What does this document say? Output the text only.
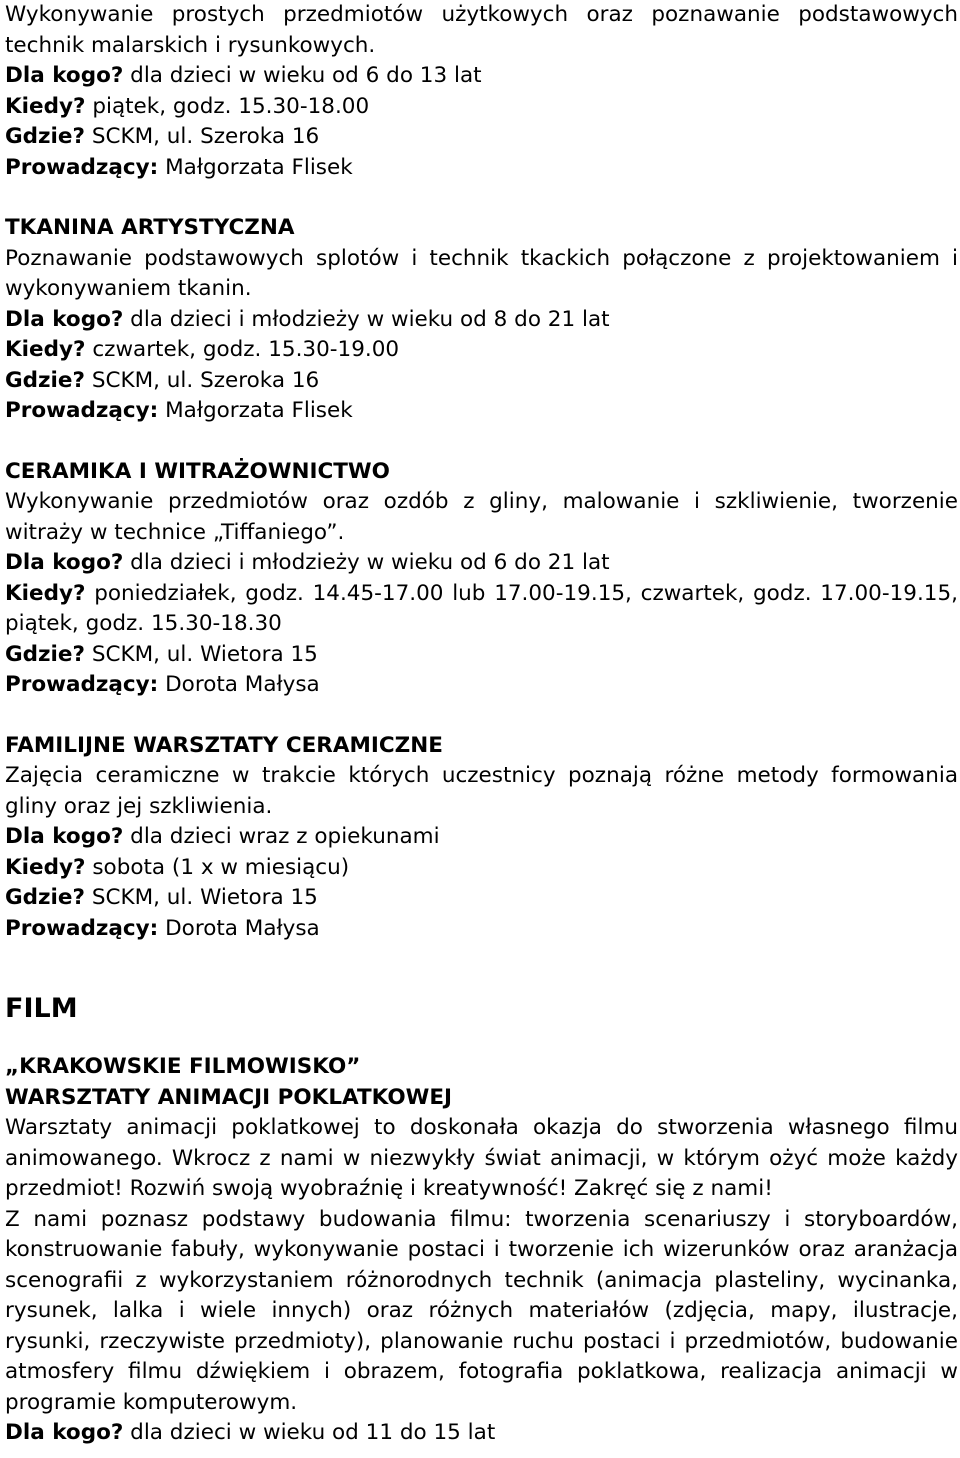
Wykonywanie prostych przedmiotów użytkowych oraz poznawanie podstawowych technik malarskich i rysunkowych.
Dla kogo? dla dzieci w wieku od 6 do 13 lat
Kiedy? piątek, godz. 15.30-18.00
Gdzie? SCKM, ul. Szeroka 16
Prowadzący: Małgorzata Flisek
TKANINA ARTYSTYCZNA
Poznawanie podstawowych splotów i technik tkackich połączone z projektowaniem i wykonywaniem tkanin.
Dla kogo? dla dzieci i młodzieży w wieku od 8 do 21 lat
Kiedy? czwartek, godz. 15.30-19.00
Gdzie? SCKM, ul. Szeroka 16
Prowadzący: Małgorzata Flisek
CERAMIKA I WITRAŻOWNICTWO
Wykonywanie przedmiotów oraz ozdób z gliny, malowanie i szkliwienie, tworzenie witraży w technice „Tiffaniego”.
Dla kogo? dla dzieci i młodzieży w wieku od 6 do 21 lat
Kiedy? poniedziałek, godz. 14.45-17.00 lub 17.00-19.15, czwartek, godz. 17.00-19.15, piątek, godz. 15.30-18.30
Gdzie? SCKM, ul. Wietora 15
Prowadzący: Dorota Małysa
FAMILIJNE WARSZTATY CERAMICZNE
Zajęcia ceramiczne w trakcie których uczestnicy poznają różne metody formowania gliny oraz jej szkliwienia.
Dla kogo? dla dzieci wraz z opiekunami
Kiedy? sobota (1 x w miesiącu)
Gdzie? SCKM, ul. Wietora 15
Prowadzący: Dorota Małysa
FILM
„KRAKOWSKIE FILMOWISKO”
WARSZTATY ANIMACJI POKLATKOWEJ
Warsztaty animacji poklatkowej to doskonała okazja do stworzenia własnego filmu animowanego. Wkrocz z nami w niezwykły świat animacji, w którym ożyć może każdy przedmiot! Rozwiń swoją wyobraźnię i kreatywność! Zakręć się z nami!
Z nami poznasz podstawy budowania filmu: tworzenia scenariuszy i storyboardów, konstruowanie fabuły, wykonywanie postaci i tworzenie ich wizerunków oraz aranżacja scenografii z wykorzystaniem różnorodnych technik (animacja plasteliny, wycinanka, rysunek, lalka i wiele innych) oraz różnych materiałów (zdjęcia, mapy, ilustracje, rysunki, rzeczywiste przedmioty), planowanie ruchu postaci i przedmiotów, budowanie atmosfery filmu dźwiękiem i obrazem, fotografia poklatkowa, realizacja animacji w programie komputerowym.
Dla kogo? dla dzieci w wieku od 11 do 15 lat
